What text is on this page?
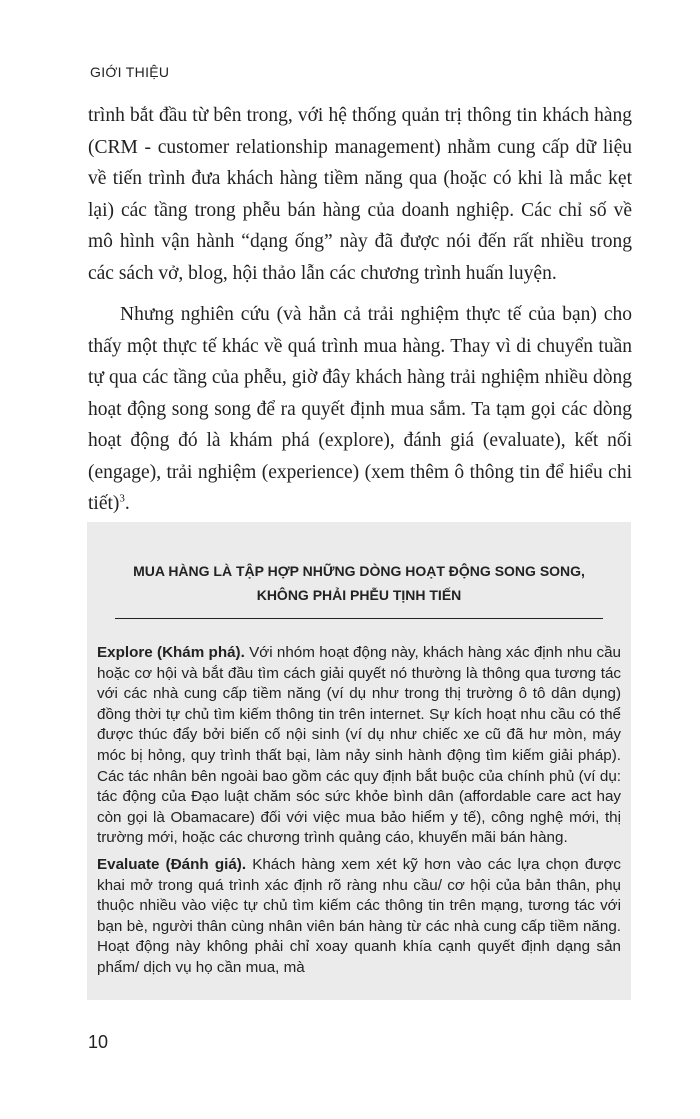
GIỚI THIỆU

trình bắt đầu từ bên trong, với hệ thống quản trị thông tin khách hàng (CRM - customer relationship management) nhằm cung cấp dữ liệu về tiến trình đưa khách hàng tiềm năng qua (hoặc có khi là mắc kẹt lại) các tầng trong phễu bán hàng của doanh nghiệp. Các chỉ số về mô hình vận hành “dạng ống” này đã được nói đến rất nhiều trong các sách vở, blog, hội thảo lẫn các chương trình huấn luyện.

Nhưng nghiên cứu (và hẳn cả trải nghiệm thực tế của bạn) cho thấy một thực tế khác về quá trình mua hàng. Thay vì di chuyển tuần tự qua các tầng của phễu, giờ đây khách hàng trải nghiệm nhiều dòng hoạt động song song để ra quyết định mua sắm. Ta tạm gọi các dòng hoạt động đó là khám phá (explore), đánh giá (evaluate), kết nối (engage), trải nghiệm (experience) (xem thêm ô thông tin để hiểu chi tiết)$^3$.

MUA HÀNG LÀ TẬP HỢP NHỮNG DÒNG HOẠT ĐỘNG SONG SONG,
KHÔNG PHẢI PHỄU TỊNH TIẾN

Explore (Khám phá). Với nhóm hoạt động này, khách hàng xác định nhu cầu hoặc cơ hội và bắt đầu tìm cách giải quyết nó thường là thông qua tương tác với các nhà cung cấp tiềm năng (ví dụ như trong thị trường ô tô dân dụng) đồng thời tự chủ tìm kiếm thông tin trên internet. Sự kích hoạt nhu cầu có thể được thúc đẩy bởi biến cố nội sinh (ví dụ như chiếc xe cũ đã hư mòn, máy móc bị hỏng, quy trình thất bại, làm nảy sinh hành động tìm kiếm giải pháp). Các tác nhân bên ngoài bao gồm các quy định bắt buộc của chính phủ (ví dụ: tác động của Đạo luật chăm sóc sức khỏe bình dân (affordable care act hay còn gọi là Obamacare) đối với việc mua bảo hiểm y tế), công nghệ mới, thị trường mới, hoặc các chương trình quảng cáo, khuyến mãi bán hàng.

Evaluate (Đánh giá). Khách hàng xem xét kỹ hơn vào các lựa chọn được khai mở trong quá trình xác định rõ ràng nhu cầu/ cơ hội của bản thân, phụ thuộc nhiều vào việc tự chủ tìm kiếm các thông tin trên mạng, tương tác với bạn bè, người thân cùng nhân viên bán hàng từ các nhà cung cấp tiềm năng. Hoạt động này không phải chỉ xoay quanh khía cạnh quyết định dạng sản phẩm/ dịch vụ họ cần mua, mà

10
